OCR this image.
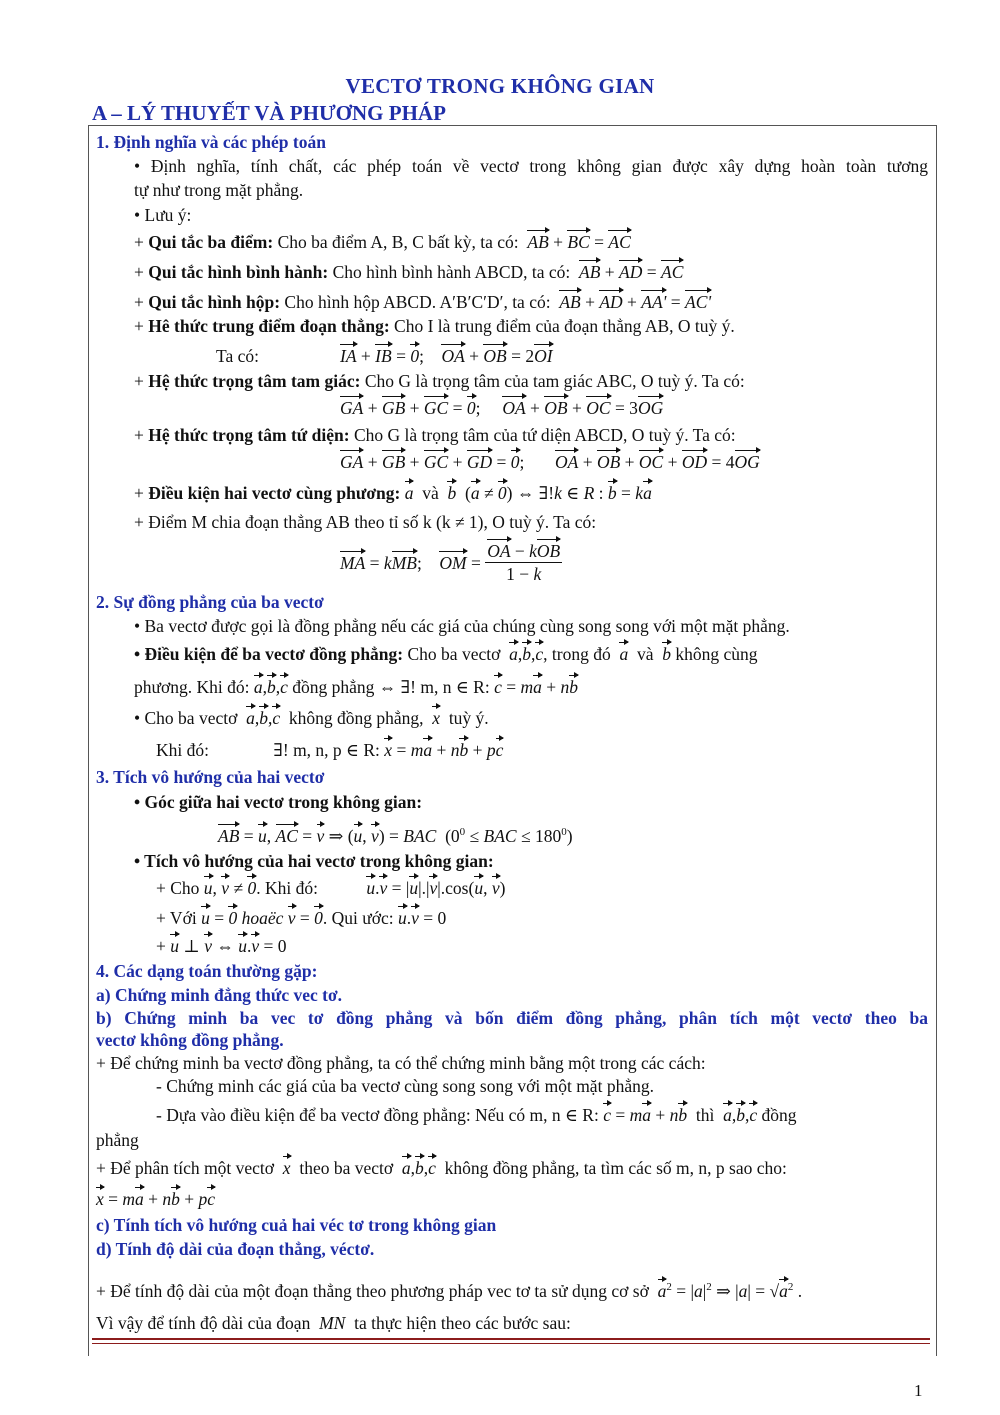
VECTƠ TRONG KHÔNG GIAN
A – LÝ THUYẾT VÀ PHƯƠNG PHÁP
1. Định nghĩa và các phép toán
• Định nghĩa, tính chất, các phép toán về vectơ trong không gian được xây dựng hoàn toàn tương
tự như trong mặt phẳng.
• Lưu ý:
+ Qui tắc ba điểm: Cho ba điểm A, B, C bất kỳ, ta có: AB + BC = AC
+ Qui tắc hình bình hành: Cho hình bình hành ABCD, ta có: AB + AD = AC
+ Qui tắc hình hộp: Cho hình hộp ABCD. A′B′C′D′, ta có: AB + AD + AA' = AC'
+ Hê thức trung điểm đoạn thẳng: Cho I là trung điểm của đoạn thẳng AB, O tuỳ ý.
Ta có:	IA + IB = 0;    OA + OB = 2OI
+ Hệ thức trọng tâm tam giác: Cho G là trọng tâm của tam giác ABC, O tuỳ ý. Ta có:
GA + GB + GC = 0;     OA + OB + OC = 3OG
+ Hệ thức trọng tâm tứ diện: Cho G là trọng tâm của tứ diện ABCD, O tuỳ ý. Ta có:
GA + GB + GC + GD = 0;       OA + OB + OC + OD = 4OG
+ Điều kiện hai vectơ cùng phương: a  và  b  (a ≠ 0) ⇔ ∃!k ∈ R : b = ka
+ Điểm M chia đoạn thẳng AB theo tỉ số k (k ≠ 1), O tuỳ ý. Ta có:
MA = kMB;    OM = $\frac{\text{OA − kOB}}{1 - k}$
2. Sự đồng phẳng của ba vectơ
• Ba vectơ được gọi là đồng phẳng nếu các giá của chúng cùng song song với một mặt phẳng.
• Điều kiện để ba vectơ đồng phẳng: Cho ba vectơ a,b,c, trong đó a và b không cùng
phương. Khi đó: a,b,c đồng phẳng ⇔ ∃! m, n ∈ R: c = ma + nb
• Cho ba vectơ a,b,c không đồng phẳng, x tuỳ ý.
Khi đó:	∃! m, n, p ∈ R: x = ma + nb + pc
3. Tích vô hướng của hai vectơ
• Góc giữa hai vectơ trong không gian:
AB = u, AC = v ⇒ (u, v) = BAC  ($0^0$ ≤ BAC ≤ $180^0$)
• Tích vô hướng của hai vectơ trong không gian:
+ Cho u, v ≠ 0. Khi đó:	u.v = |u|.|v|.cos(u, v)
+ Với u = 0 hoaëc v = 0. Qui ước: u.v = 0
+ u ⊥ v ⇔ u.v = 0
4. Các dạng toán thường gặp:
a) Chứng minh đẳng thức vec tơ.
b) Chứng minh ba vec tơ đồng phẳng và bốn điểm đồng phẳng, phân tích một vectơ theo ba
vectơ không đồng phẳng.
+ Để chứng minh ba vectơ đồng phẳng, ta có thể chứng minh bằng một trong các cách:
- Chứng minh các giá của ba vectơ cùng song song với một mặt phẳng.
- Dựa vào điều kiện để ba vectơ đồng phẳng: Nếu có m, n ∈ R: c = ma + nb thì a,b,c đồng
phẳng
+ Để phân tích một vectơ x theo ba vectơ a,b,c không đồng phẳng, ta tìm các số m, n, p sao cho:
x = ma + nb + pc
c) Tính tích vô hướng cuả hai véc tơ trong không gian
d) Tính độ dài của đoạn thẳng, véctơ.
+ Để tính độ dài của một đoạn thẳng theo phương pháp vec tơ ta sử dụng cơ sở $a^2 = |a|^2$ ⇒ $|a| = √a^2$ .
Vì vậy để tính độ dài của đoạn MN ta thực hiện theo các bước sau:
1
